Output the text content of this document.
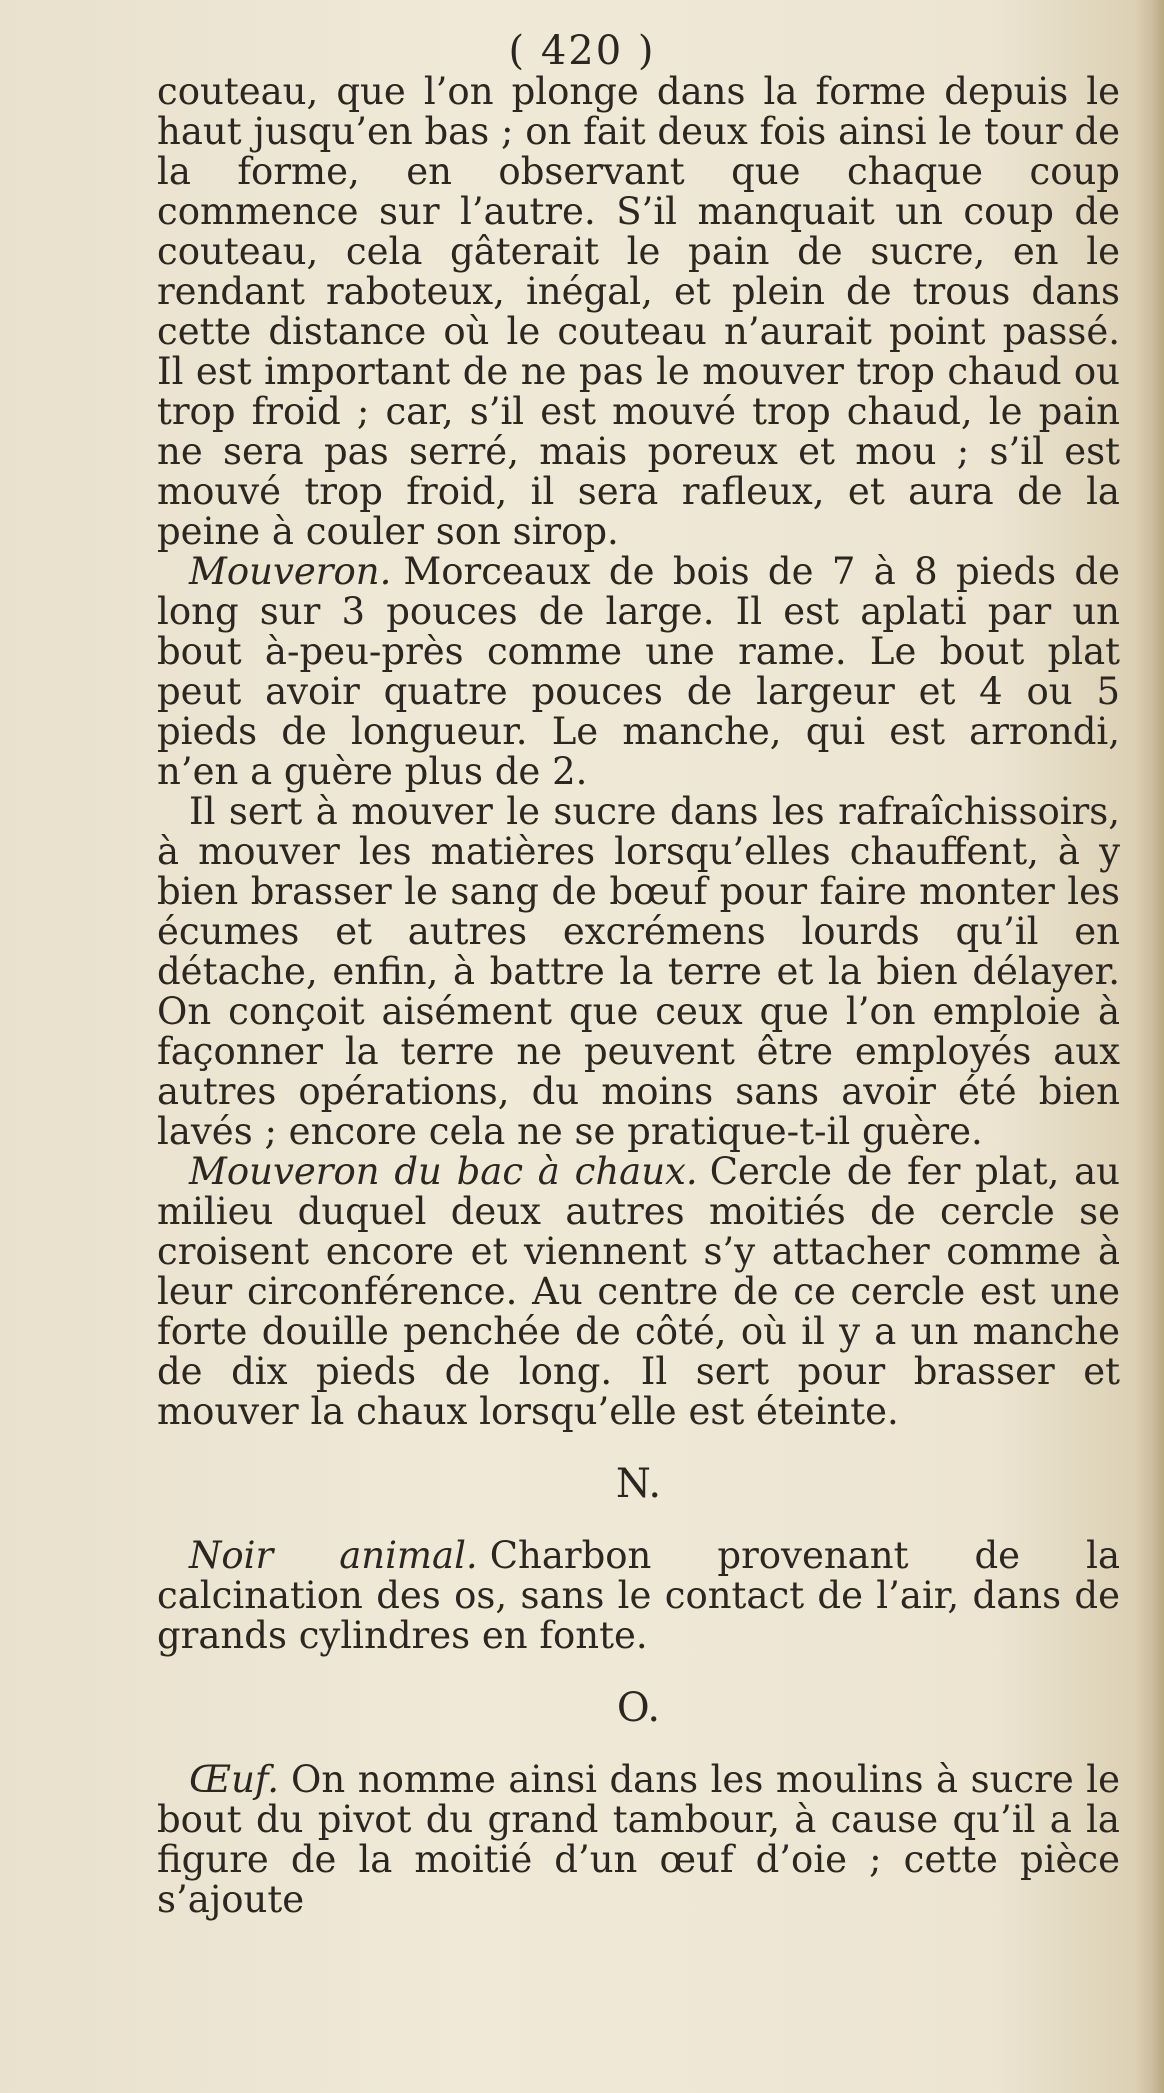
( 420 )

couteau, que l’on plonge dans la forme depuis le haut jusqu’en bas ; on fait deux fois ainsi le tour de la forme, en observant que chaque coup commence sur l’autre. S’il manquait un coup de couteau, cela gâterait le pain de sucre, en le rendant raboteux, inégal, et plein de trous dans cette distance où le couteau n’aurait point passé. Il est important de ne pas le mouver trop chaud ou trop froid ; car, s’il est mouvé trop chaud, le pain ne sera pas serré, mais poreux et mou ; s’il est mouvé trop froid, il sera rafleux, et aura de la peine à couler son sirop.

Mouveron. Morceaux de bois de 7 à 8 pieds de long sur 3 pouces de large. Il est aplati par un bout à-peu-près comme une rame. Le bout plat peut avoir quatre pouces de largeur et 4 ou 5 pieds de longueur. Le manche, qui est arrondi, n’en a guère plus de 2.

Il sert à mouver le sucre dans les rafraîchissoirs, à mouver les matières lorsqu’elles chauffent, à y bien brasser le sang de bœuf pour faire monter les écumes et autres excrémens lourds qu’il en détache, enfin, à battre la terre et la bien délayer. On conçoit aisément que ceux que l’on emploie à façonner la terre ne peuvent être employés aux autres opérations, du moins sans avoir été bien lavés ; encore cela ne se pratique-t-il guère.

Mouveron du bac à chaux. Cercle de fer plat, au milieu duquel deux autres moitiés de cercle se croisent encore et viennent s’y attacher comme à leur circonférence. Au centre de ce cercle est une forte douille penchée de côté, où il y a un manche de dix pieds de long. Il sert pour brasser et mouver la chaux lorsqu’elle est éteinte.

N.

Noir animal. Charbon provenant de la calcination des os, sans le contact de l’air, dans de grands cylindres en fonte.

O.

Œuf. On nomme ainsi dans les moulins à sucre le bout du pivot du grand tambour, à cause qu’il a la figure de la moitié d’un œuf d’oie ; cette pièce s’ajoute
